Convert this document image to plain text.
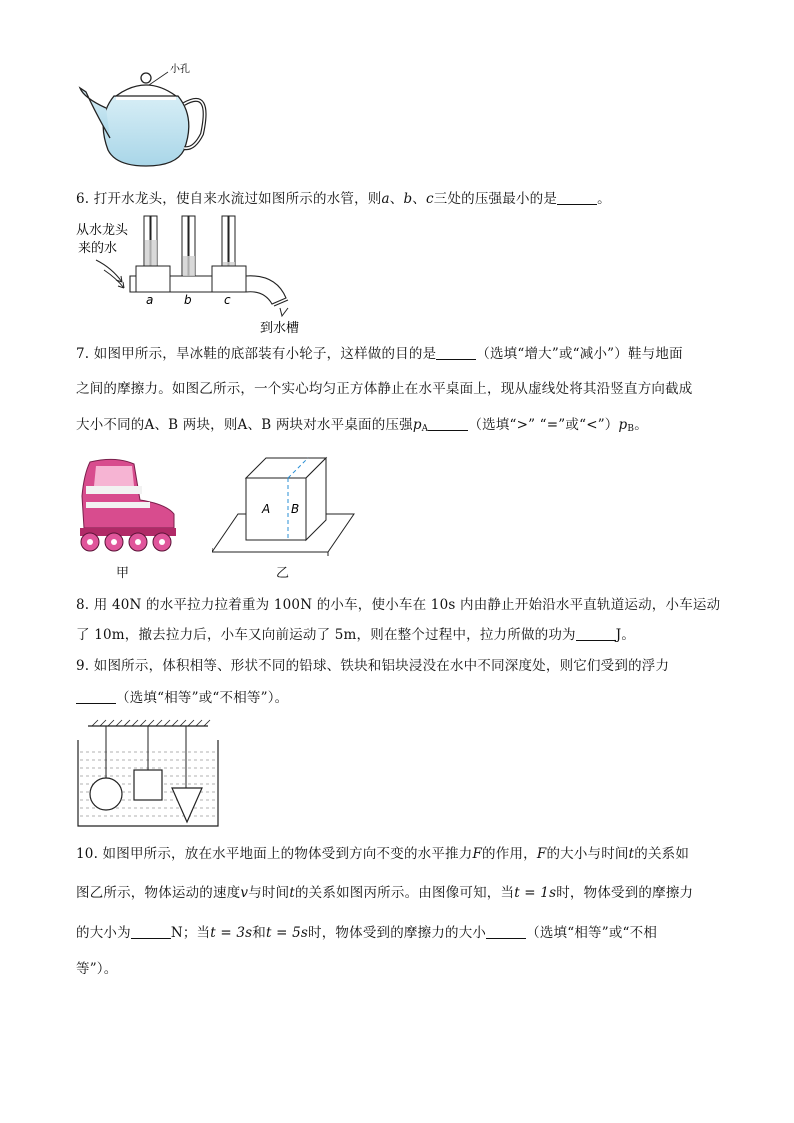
小孔
6. 打开水龙头，使自来水流过如图所示的水管，则a、b、c三处的压强最小的是	。
从水龙头
来的水
a	b	c
到水槽
7. 如图甲所示，旱冰鞋的底部装有小轮子，这样做的目的是	（选填“增大”或“减小”）鞋与地面
之间的摩擦力。如图乙所示，一个实心均匀正方体静止在水平桌面上，现从虚线处将其沿竖直方向截成
大小不同的A、B 两块，则A、B 两块对水平桌面的压强$p_A$	（选填“>” “=”或“$<”)p_B$。
甲
A B
乙
8. 用 40N 的水平拉力拉着重为 100N 的小车，使小车在 10s 内由静止开始沿水平直轨道运动，小车运动
了 10m，撤去拉力后，小车又向前运动了 5m，则在整个过程中，拉力所做的功为	J。
9. 如图所示，体积相等、形状不同的铅球、铁块和铝块浸没在水中不同深度处，则它们受到的浮力
（选填“相等”或“不相等”）。
10. 如图甲所示，放在水平地面上的物体受到方向不变的水平推力F的作用，F的大小与时间t的关系如
图乙所示，物体运动的速度v与时间t的关系如图丙所示。由图像可知，当t = 1s时，物体受到的摩擦力
的大小为	N；当t = 3s和t = 5s时，物体受到的摩擦力的大小	（选填“相等”或“不相
等”）。
